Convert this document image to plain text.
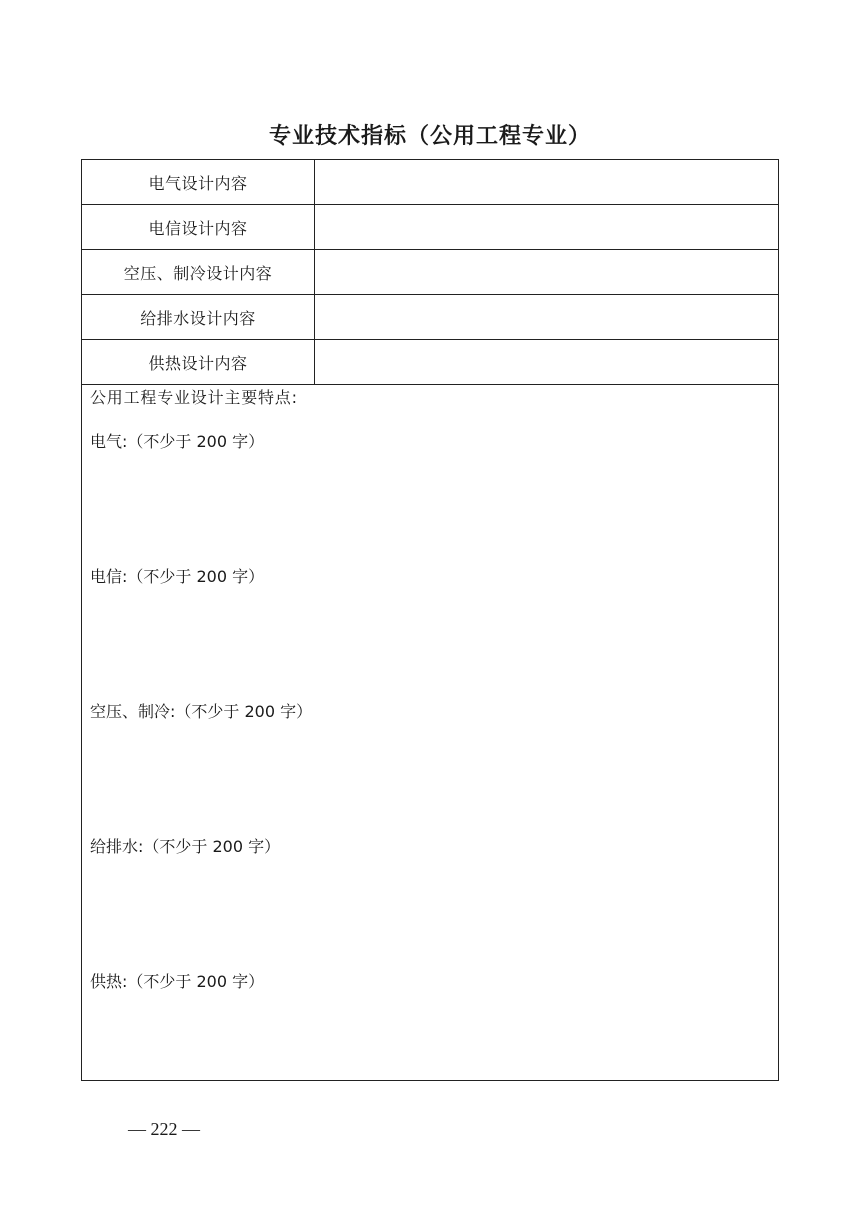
专业技术指标（公用工程专业）
电气设计内容
电信设计内容
空压、制冷设计内容
给排水设计内容
供热设计内容
公用工程专业设计主要特点:
电气:（不少于 200 字）
电信:（不少于 200 字）
空压、制冷:（不少于 200 字）
给排水:（不少于 200 字）
供热:（不少于 200 字）
— 222 —
